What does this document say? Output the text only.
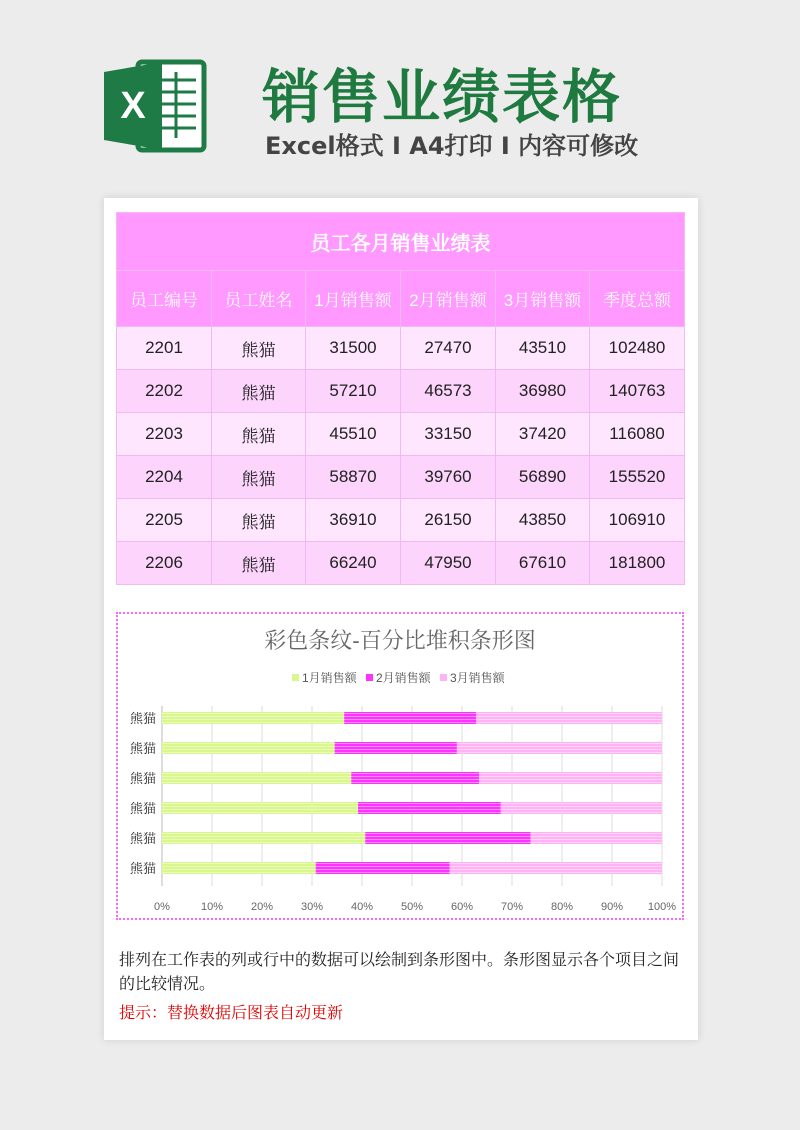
X 销售业绩表格
Excel格式 I A4打印 I 内容可修改
员工各月销售业绩表					
员工编号	员工姓名	1月销售额	2月销售额	3月销售额	季度总额
2201	熊猫	31500	27470	43510	102480
2202	熊猫	57210	46573	36980	140763
2203	熊猫	45510	33150	37420	116080
2204	熊猫	58870	39760	56890	155520
2205	熊猫	36910	26150	43850	106910
2206	熊猫	66240	47950	67610	181800
彩色条纹-百分比堆积条形图
1月销售额 2月销售额 3月销售额
0%	10%	20%	30%	40%	50%	60%	70%	80%	90% 100%
熊猫
熊猫
熊猫
熊猫
熊猫
熊猫
排列在工作表的列或行中的数据可以绘制到条形图中。条形图显示各个项目之间的比较情况。
提示：替换数据后图表自动更新
